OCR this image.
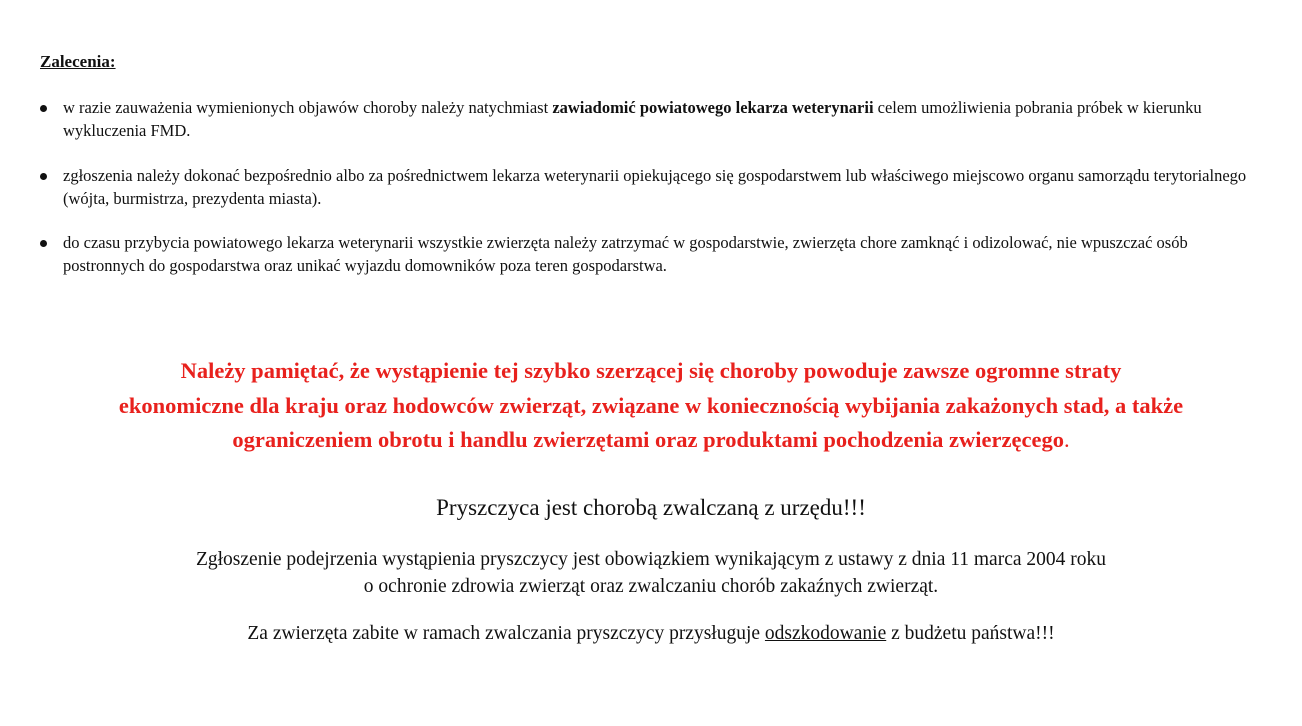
Zalecenia:
w razie zauważenia wymienionych objawów choroby należy natychmiast zawiadomić powiatowego lekarza weterynarii celem umożliwienia pobrania próbek w kierunku wykluczenia FMD.
zgłoszenia należy dokonać bezpośrednio albo za pośrednictwem lekarza weterynarii opiekującego się gospodarstwem lub właściwego miejscowo organu samorządu terytorialnego (wójta, burmistrza, prezydenta miasta).
do czasu przybycia powiatowego lekarza weterynarii wszystkie zwierzęta należy zatrzymać w gospodarstwie, zwierzęta chore zamknąć i odizolować, nie wpuszczać osób postronnych do gospodarstwa oraz unikać wyjazdu domowników poza teren gospodarstwa.
Należy pamiętać, że wystąpienie tej szybko szerzącej się choroby powoduje zawsze ogromne straty
ekonomiczne dla kraju oraz hodowców zwierząt, związane w koniecznością wybijania zakażonych stad, a także
ograniczeniem obrotu i handlu zwierzętami oraz produktami pochodzenia zwierzęcego.
Pryszczyca jest chorobą zwalczaną z urzędu!!!
Zgłoszenie podejrzenia wystąpienia pryszczycy jest obowiązkiem wynikającym z ustawy z dnia 11 marca 2004 roku
o ochronie zdrowia zwierząt oraz zwalczaniu chorób zakaźnych zwierząt.
Za zwierzęta zabite w ramach zwalczania pryszczycy przysługuje odszkodowanie z budżetu państwa!!!
